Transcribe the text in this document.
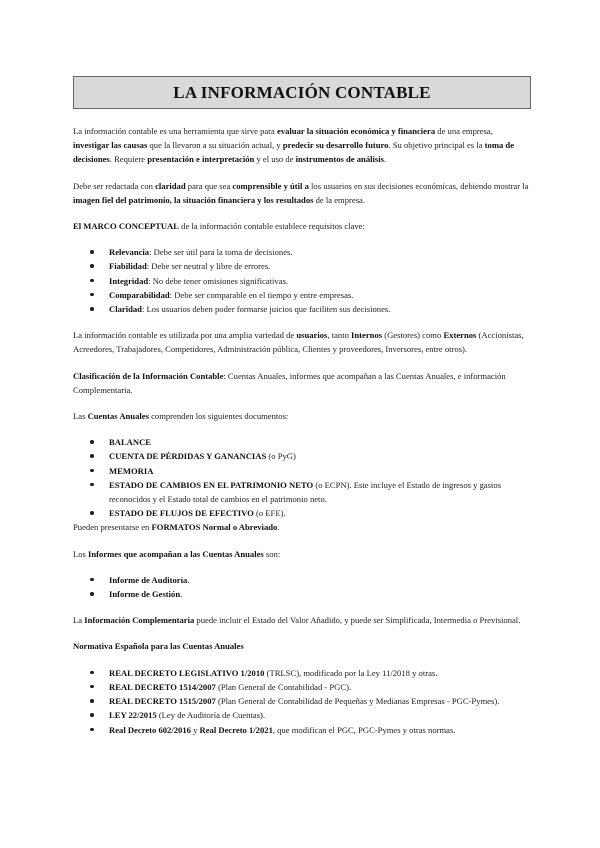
LA INFORMACIÓN CONTABLE

La información contable es una herramienta que sirve para evaluar la situación económica y financiera de una empresa, investigar las causas que la llevaron a su situación actual, y predecir su desarrollo futuro. Su objetivo principal es la toma de decisiones. Requiere presentación e interpretación y el uso de instrumentos de análisis.

Debe ser redactada con claridad para que sea comprensible y útil a los usuarios en sus decisiones económicas, debiendo mostrar la imagen fiel del patrimonio, la situación financiera y los resultados de la empresa.

El MARCO CONCEPTUAL de la información contable establece requisitos clave:

Relevancia: Debe ser útil para la toma de decisiones.
Fiabilidad: Debe ser neutral y libre de errores.
Integridad: No debe tener omisiones significativas.
Comparabilidad: Debe ser comparable en el tiempo y entre empresas.
Claridad: Los usuarios deben poder formarse juicios que faciliten sus decisiones.

La información contable es utilizada por una amplia variedad de usuarios, tanto Internos (Gestores) como Externos (Accionistas, Acreedores, Trabajadores, Competidores, Administración pública, Clientes y proveedores, Inversores, entre otros).

Clasificación de la Información Contable: Cuentas Anuales, informes que acompañan a las Cuentas Anuales, e información Complementaria.

Las Cuentas Anuales comprenden los siguientes documentos:

BALANCE
CUENTA DE PÉRDIDAS Y GANANCIAS (o PyG)
MEMORIA
ESTADO DE CAMBIOS EN EL PATRIMONIO NETO (o ECPN). Este incluye el Estado de ingresos y gastos reconocidos y el Estado total de cambios en el patrimonio neto.
ESTADO DE FLUJOS DE EFECTIVO (o EFE).

Pueden presentarse en FORMATOS Normal o Abreviado.

Los Informes que acompañan a las Cuentas Anuales son:

Informe de Auditoría.
Informe de Gestión.

La Información Complementaria puede incluir el Estado del Valor Añadido, y puede ser Simplificada, Intermedia o Previsional.

Normativa Española para las Cuentas Anuales

REAL DECRETO LEGISLATIVO 1/2010 (TRLSC), modificado por la Ley 11/2018 y otras.
REAL DECRETO 1514/2007 (Plan General de Contabilidad - PGC).
REAL DECRETO 1515/2007 (Plan General de Contabilidad de Pequeñas y Medianas Empresas - PGC-Pymes).
LEY 22/2015 (Ley de Auditoría de Cuentas).
Real Decreto 602/2016 y Real Decreto 1/2021, que modifican el PGC, PGC-Pymes y otras normas.
